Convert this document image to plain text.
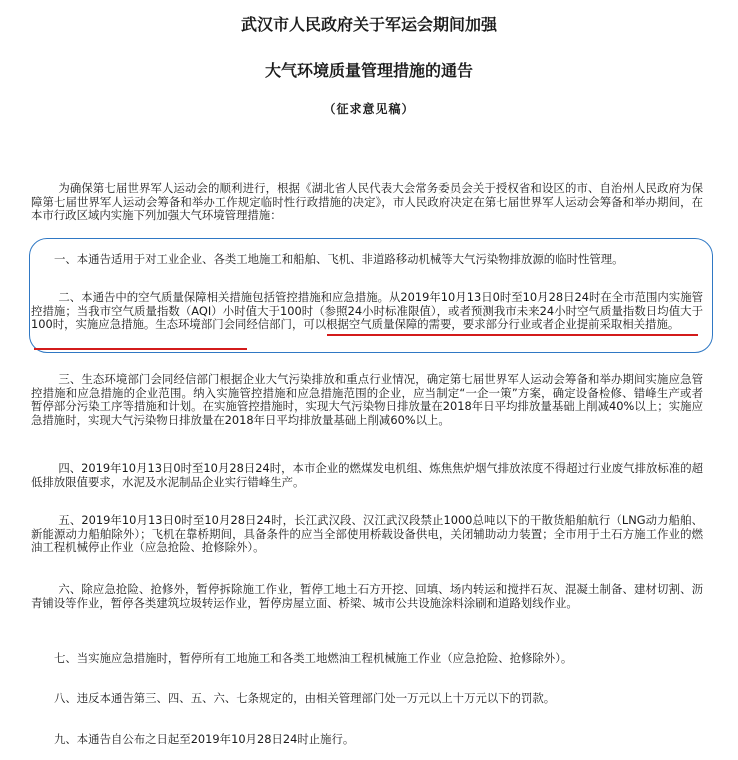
武汉市人民政府关于军运会期间加强
大气环境质量管理措施的通告
（征求意见稿）

为确保第七届世界军人运动会的顺利进行，根据《湖北省人民代表大会常务委员会关于授权省和设区的市、自治州人民政府为保障第七届世界军人运动会筹备和举办工作规定临时性行政措施的决定》，市人民政府决定在第七届世界军人运动会筹备和举办期间，在本市行政区域内实施下列加强大气环境管理措施：

一、本通告适用于对工业企业、各类工地施工和船舶、飞机、非道路移动机械等大气污染物排放源的临时性管理。

二、本通告中的空气质量保障相关措施包括管控措施和应急措施。从2019年10月13日0时至10月28日24时在全市范围内实施管控措施；当我市空气质量指数（AQI）小时值大于100时（参照24小时标准限值），或者预测我市未来24小时空气质量指数日均值大于100时，实施应急措施。生态环境部门会同经信部门，可以根据空气质量保障的需要，要求部分行业或者企业提前采取相关措施。

三、生态环境部门会同经信部门根据企业大气污染排放和重点行业情况，确定第七届世界军人运动会筹备和举办期间实施应急管控措施和应急措施的企业范围。纳入实施管控措施和应急措施范围的企业，应当制定“一企一策”方案，确定设备检修、错峰生产或者暂停部分污染工序等措施和计划。在实施管控措施时，实现大气污染物日排放量在2018年日平均排放量基础上削减40%以上；实施应急措施时，实现大气污染物日排放量在2018年日平均排放量基础上削减60%以上。

四、2019年10月13日0时至10月28日24时，本市企业的燃煤发电机组、炼焦焦炉烟气排放浓度不得超过行业废气排放标准的超低排放限值要求，水泥及水泥制品企业实行错峰生产。

五、2019年10月13日0时至10月28日24时，长江武汉段、汉江武汉段禁止1000总吨以下的干散货船舶航行（LNG动力船舶、新能源动力船舶除外）；飞机在靠桥期间，具备条件的应当全部使用桥载设备供电，关闭辅助动力装置；全市用于土石方施工作业的燃油工程机械停止作业（应急抢险、抢修除外）。

六、除应急抢险、抢修外，暂停拆除施工作业，暂停工地土石方开挖、回填、场内转运和搅拌石灰、混凝土制备、建材切割、沥青铺设等作业，暂停各类建筑垃圾转运作业，暂停房屋立面、桥梁、城市公共设施涂料涂刷和道路划线作业。

七、当实施应急措施时，暂停所有工地施工和各类工地燃油工程机械施工作业（应急抢险、抢修除外）。

八、违反本通告第三、四、五、六、七条规定的，由相关管理部门处一万元以上十万元以下的罚款。

九、本通告自公布之日起至2019年10月28日24时止施行。
